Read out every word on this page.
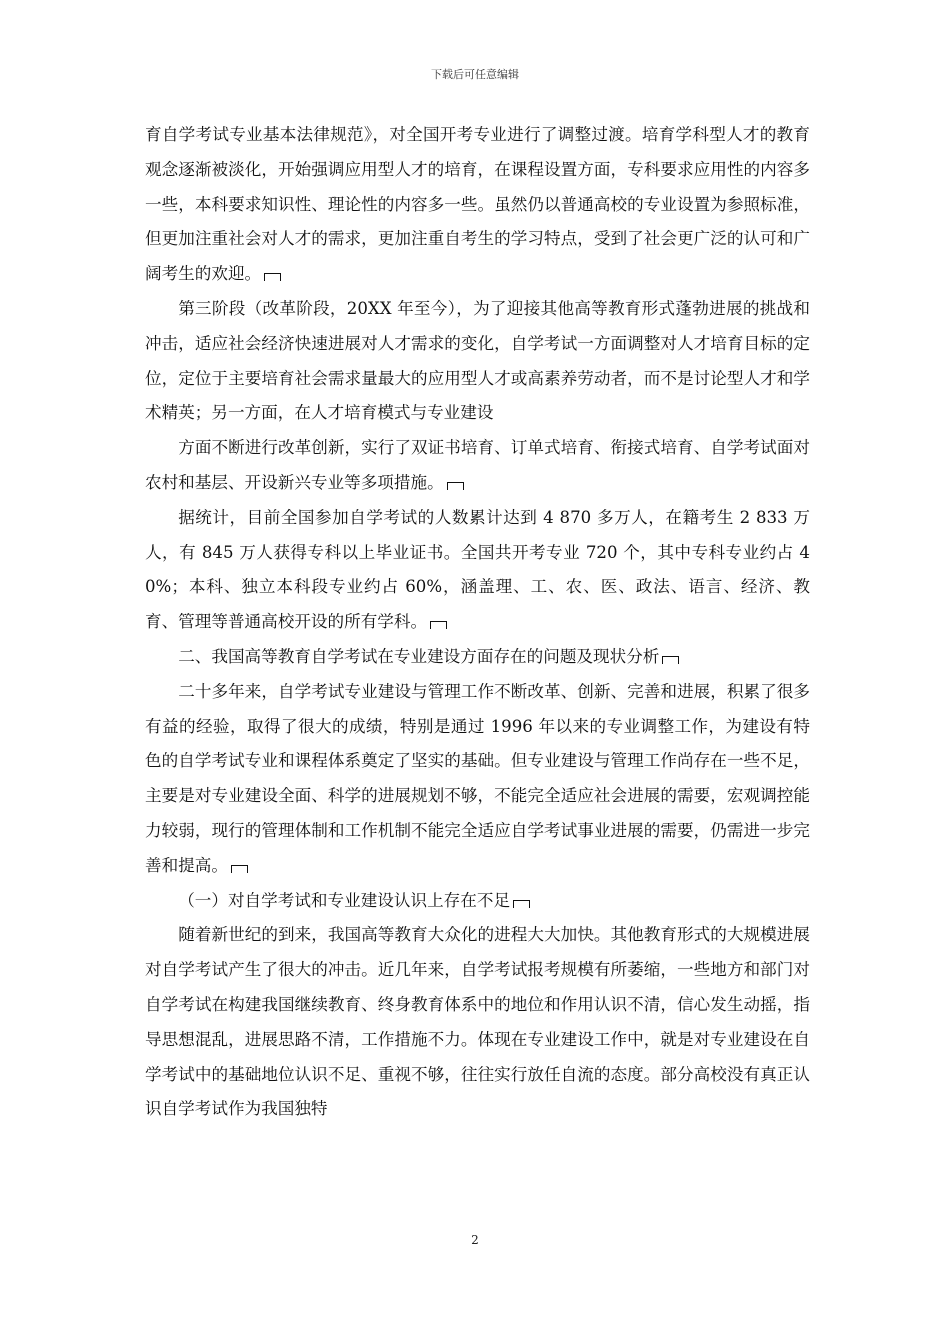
下载后可任意编辑

育自学考试专业基本法律规范》，对全国开考专业进行了调整过渡。培育学科型人才的教育观念逐渐被淡化，开始强调应用型人才的培育，在课程设置方面，专科要求应用性的内容多一些，本科要求知识性、理论性的内容多一些。虽然仍以普通高校的专业设置为参照标准，但更加注重社会对人才的需求，更加注重自考生的学习特点，受到了社会更广泛的认可和广阔考生的欢迎。

第三阶段（改革阶段，20XX 年至今），为了迎接其他高等教育形式蓬勃进展的挑战和冲击，适应社会经济快速进展对人才需求的变化，自学考试一方面调整对人才培育目标的定位，定位于主要培育社会需求量最大的应用型人才或高素养劳动者，而不是讨论型人才和学术精英；另一方面，在人才培育模式与专业建设

方面不断进行改革创新，实行了双证书培育、订单式培育、衔接式培育、自学考试面对农村和基层、开设新兴专业等多项措施。

据统计，目前全国参加自学考试的人数累计达到 4 870 多万人，在籍考生 2 833 万人，有 845 万人获得专科以上毕业证书。全国共开考专业 720 个，其中专科专业约占 40%；本科、独立本科段专业约占 60%，涵盖理、工、农、医、政法、语言、经济、教育、管理等普通高校开设的所有学科。

二、我国高等教育自学考试在专业建设方面存在的问题及现状分析

二十多年来，自学考试专业建设与管理工作不断改革、创新、完善和进展，积累了很多有益的经验，取得了很大的成绩，特别是通过 1996 年以来的专业调整工作，为建设有特色的自学考试专业和课程体系奠定了坚实的基础。但专业建设与管理工作尚存在一些不足，主要是对专业建设全面、科学的进展规划不够，不能完全适应社会进展的需要，宏观调控能力较弱，现行的管理体制和工作机制不能完全适应自学考试事业进展的需要，仍需进一步完善和提高。

（一）对自学考试和专业建设认识上存在不足

随着新世纪的到来，我国高等教育大众化的进程大大加快。其他教育形式的大规模进展对自学考试产生了很大的冲击。近几年来，自学考试报考规模有所萎缩，一些地方和部门对自学考试在构建我国继续教育、终身教育体系中的地位和作用认识不清，信心发生动摇，指导思想混乱，进展思路不清，工作措施不力。体现在专业建设工作中，就是对专业建设在自学考试中的基础地位认识不足、重视不够，往往实行放任自流的态度。部分高校没有真正认识自学考试作为我国独特

2
